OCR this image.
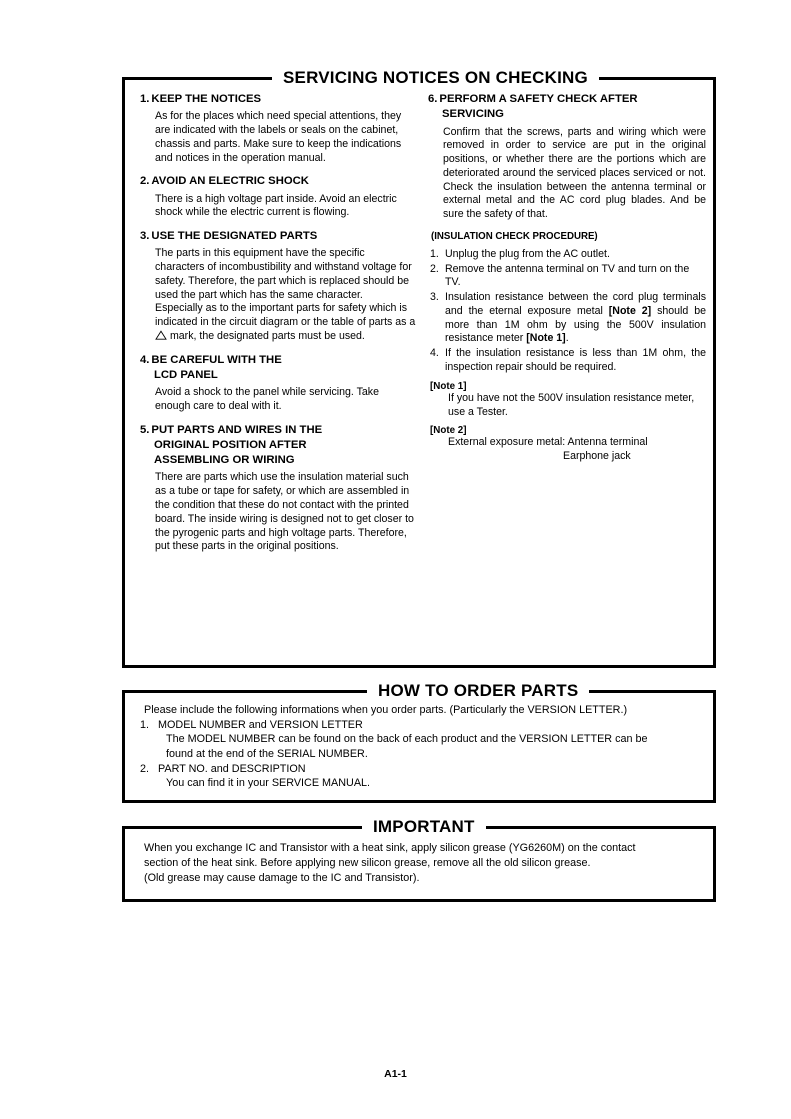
SERVICING NOTICES ON CHECKING
1. KEEP THE NOTICES

As for the places which need special attentions, they are indicated with the labels or seals on the cabinet, chassis and parts. Make sure to keep the indications and notices in the operation manual.

2. AVOID AN ELECTRIC SHOCK

There is a high voltage part inside. Avoid an electric shock while the electric current is flowing.

3. USE THE DESIGNATED PARTS

The parts in this equipment have the specific characters of incombustibility and withstand voltage for safety. Therefore, the part which is replaced should be used the part which has the same character.

Especially as to the important parts for safety which is indicated in the circuit diagram or the table of parts as a  mark, the designated parts must be used.

4. BE CAREFUL WITH THE
LCD PANEL

Avoid a shock to the panel while servicing. Take enough care to deal with it.

5. PUT PARTS AND WIRES IN THE
ORIGINAL POSITION AFTER
ASSEMBLING OR WIRING

There are parts which use the insulation material such as a tube or tape for safety, or which are assembled in the condition that these do not contact with the printed board. The inside wiring is designed not to get closer to the pyrogenic parts and high voltage parts. Therefore, put these parts in the original positions.

6. PERFORM A SAFETY CHECK AFTER
SERVICING

Confirm that the screws, parts and wiring which were removed in order to service are put in the original positions, or whether there are the portions which are deteriorated around the serviced places serviced or not. Check the insulation between the antenna terminal or external metal and the AC cord plug blades. And be sure the safety of that.

(INSULATION CHECK PROCEDURE)
1. Unplug the plug from the AC outlet.
2. Remove the antenna terminal on TV and turn on the TV.
3. Insulation resistance between the cord plug terminals and the eternal exposure metal [Note 2] should be more than 1M ohm by using the 500V insulation resistance meter [Note 1].
4. If the insulation resistance is less than 1M ohm, the inspection repair should be required.
[Note 1]
If you have not the 500V insulation resistance meter, use a Tester.
[Note 2]
External exposure metal: Antenna terminal
Earphone jack
HOW TO ORDER PARTS
Please include the following informations when you order parts. (Particularly the VERSION LETTER.)
1. MODEL NUMBER and VERSION LETTER
The MODEL NUMBER can be found on the back of each product and the VERSION LETTER can be
found at the end of the SERIAL NUMBER.
2. PART NO. and DESCRIPTION
You can find it in your SERVICE MANUAL.
IMPORTANT

When you exchange IC and Transistor with a heat sink, apply silicon grease (YG6260M) on the contact

section of the heat sink. Before applying new silicon grease, remove all the old silicon grease.

(Old grease may cause damage to the IC and Transistor).

A1-1
